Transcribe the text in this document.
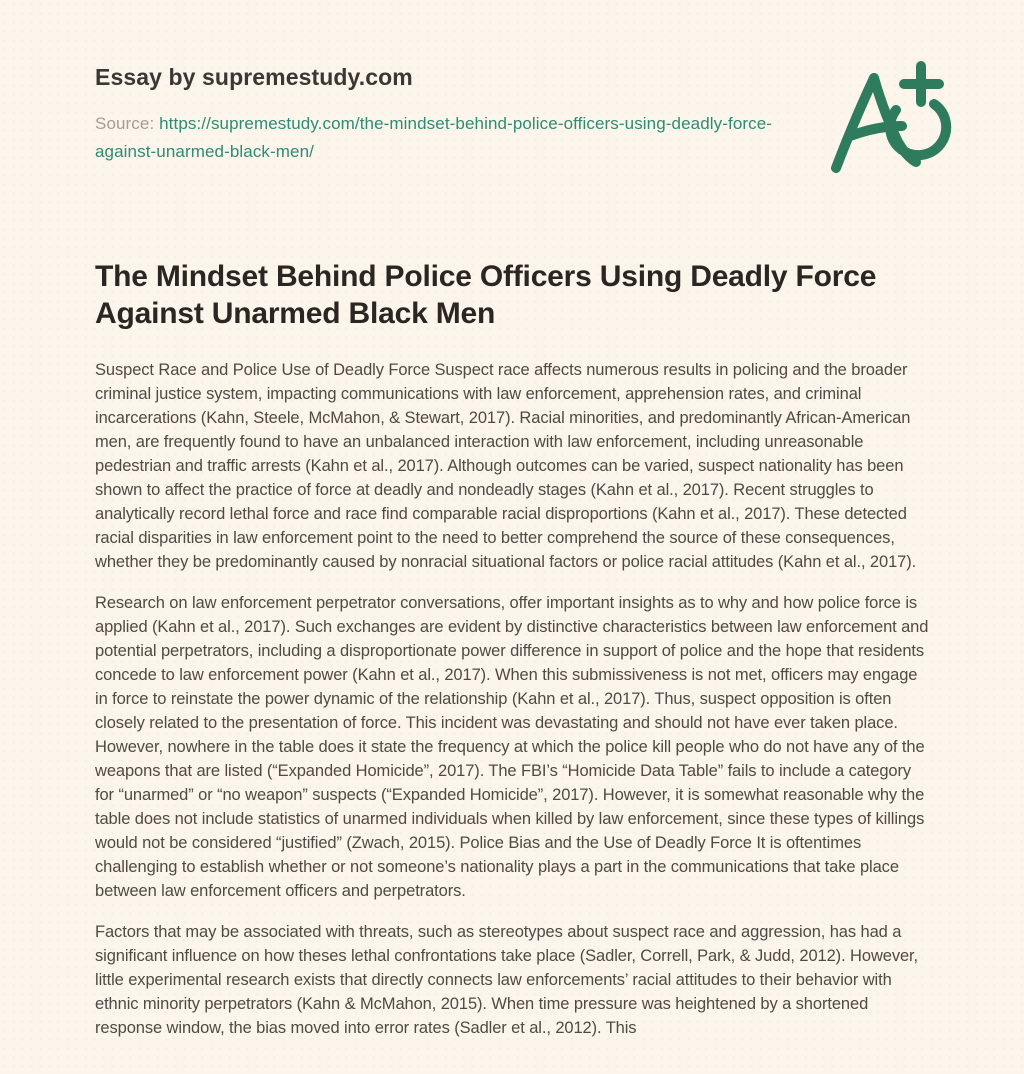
Essay by supremestudy.com

Source: https://supremestudy.com/the-mindset-behind-police-officers-using-deadly-force-against-unarmed-black-men/

The Mindset Behind Police Officers Using Deadly Force Against Unarmed Black Men

Suspect Race and Police Use of Deadly Force Suspect race affects numerous results in policing and the broader criminal justice system, impacting communications with law enforcement, apprehension rates, and criminal incarcerations (Kahn, Steele, McMahon, & Stewart, 2017). Racial minorities, and predominantly African-American men, are frequently found to have an unbalanced interaction with law enforcement, including unreasonable pedestrian and traffic arrests (Kahn et al., 2017). Although outcomes can be varied, suspect nationality has been shown to affect the practice of force at deadly and nondeadly stages (Kahn et al., 2017). Recent struggles to analytically record lethal force and race find comparable racial disproportions (Kahn et al., 2017). These detected racial disparities in law enforcement point to the need to better comprehend the source of these consequences, whether they be predominantly caused by nonracial situational factors or police racial attitudes (Kahn et al., 2017).

Research on law enforcement perpetrator conversations, offer important insights as to why and how police force is applied (Kahn et al., 2017). Such exchanges are evident by distinctive characteristics between law enforcement and potential perpetrators, including a disproportionate power difference in support of police and the hope that residents concede to law enforcement power (Kahn et al., 2017). When this submissiveness is not met, officers may engage in force to reinstate the power dynamic of the relationship (Kahn et al., 2017). Thus, suspect opposition is often closely related to the presentation of force. This incident was devastating and should not have ever taken place. However, nowhere in the table does it state the frequency at which the police kill people who do not have any of the weapons that are listed (“Expanded Homicide”, 2017). The FBI’s “Homicide Data Table” fails to include a category for “unarmed” or “no weapon” suspects (“Expanded Homicide”, 2017). However, it is somewhat reasonable why the table does not include statistics of unarmed individuals when killed by law enforcement, since these types of killings would not be considered “justified” (Zwach, 2015). Police Bias and the Use of Deadly Force It is oftentimes challenging to establish whether or not someone’s nationality plays a part in the communications that take place between law enforcement officers and perpetrators.

Factors that may be associated with threats, such as stereotypes about suspect race and aggression, has had a significant influence on how theses lethal confrontations take place (Sadler, Correll, Park, & Judd, 2012). However, little experimental research exists that directly connects law enforcements’ racial attitudes to their behavior with ethnic minority perpetrators (Kahn & McMahon, 2015). When time pressure was heightened by a shortened response window, the bias moved into error rates (Sadler et al., 2012). This
